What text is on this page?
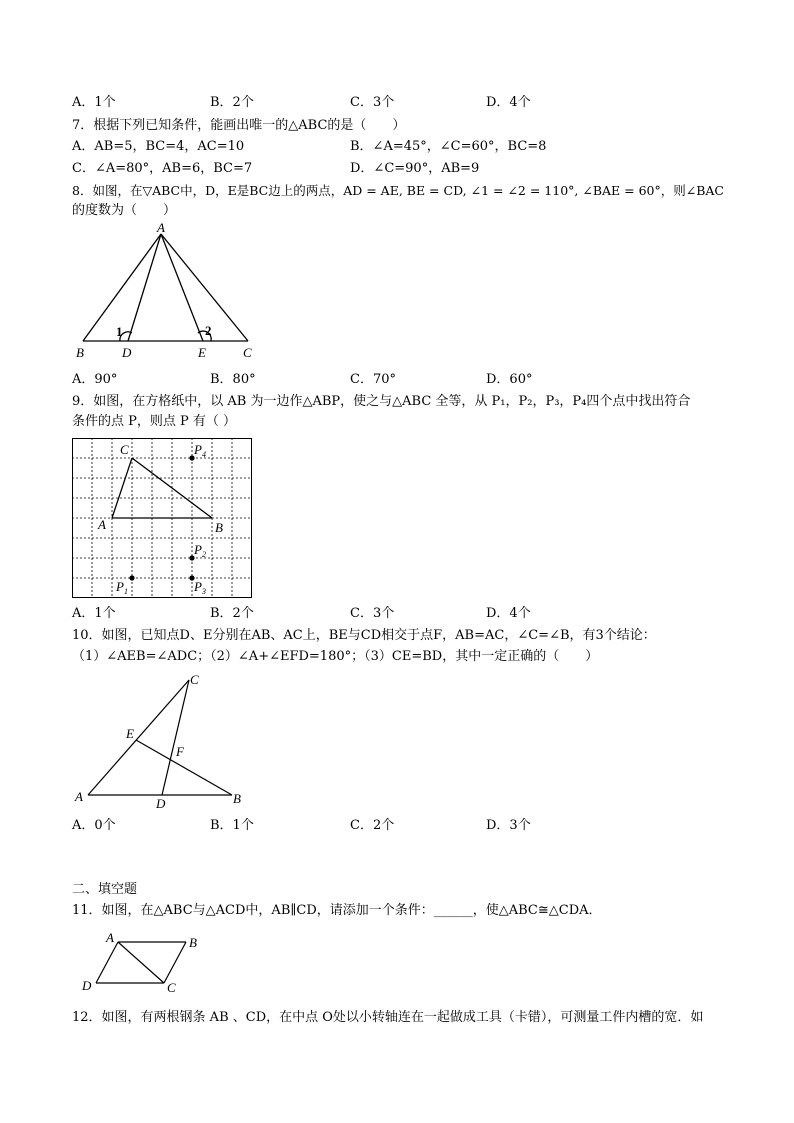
A．1个	B．2个	C．3个	D．4个
7．根据下列已知条件，能画出唯一的△ABC的是（　　）
A．AB=5，BC=4，AC=10	B．∠A=45°，∠C=60°，BC=8
C．∠A=80°，AB=6，BC=7	D．∠C=90°，AB=9
8．如图，在▽ABC中，D，E是BC边上的两点，AD = AE, BE = CD, ∠1 = ∠2 = 110°, ∠BAE = 60°，则∠BAC
的度数为（　　）
A
B	D	E	C
1	2
A．90°	B．80°	C．70°	D．60°
9．如图，在方格纸中，以 AB 为一边作△ABP，使之与△ABC 全等，从 P₁，P₂，P₃，P₄四个点中找出符合
条件的点 P，则点 P 有（ ）
C
A	B
$P_4$
$P_2$
$P_3$
$P_1$
A．1个	B．2个	C．3个	D．4个
10．如图，已知点D、E分别在AB、AC上，BE与CD相交于点F，AB=AC，∠C=∠B，有3个结论：
（1）∠AEB=∠ADC；（2）∠A+∠EFD=180°；（3）CE=BD，其中一定正确的（　　）
C
E
F
A	D	B
A．0个	B．1个	C．2个	D．3个
二、填空题
11．如图，在△ABC与△ACD中，AB∥CD，请添加一个条件：______，使△ABC≅△CDA．
A	B
C
D
12．如图，有两根钢条 AB 、CD，在中点 O处以小转轴连在一起做成工具（卡错），可测量工件内槽的宽．如
